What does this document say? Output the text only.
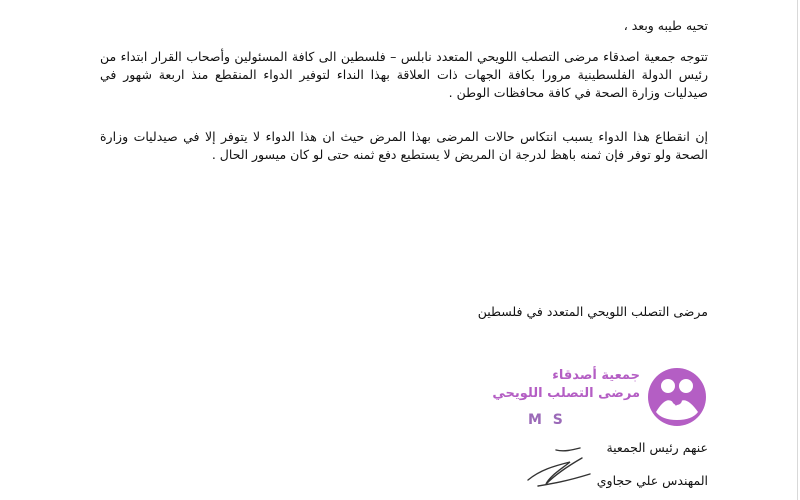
تحيه طيبه وبعد ،

تتوجه جمعية اصدقاء مرضى التصلب اللويحي المتعدد نابلس – فلسطين الى كافة المسئولين وأصحاب القرار ابتداء من رئيس الدولة الفلسطينية مرورا بكافة الجهات ذات العلاقة بهذا النداء لتوفير الدواء المنقطع منذ اربعة شهور في صيدليات وزارة الصحة في كافة محافظات الوطن .

إن انقطاع هذا الدواء يسبب انتكاس حالات المرضى بهذا المرض حيث ان هذا الدواء لا يتوفر إلا في صيدليات وزارة الصحة ولو توفر فإن ثمنه باهظ لدرجة ان المريض لا يستطيع دفع ثمنه حتى لو كان ميسور الحال .

مرضى التصلب اللويحي المتعدد في فلسطين
جمعية أصدقاء
مرضى التصلب اللويحي
M S
عنهم رئيس الجمعية
المهندس علي حجاوي
